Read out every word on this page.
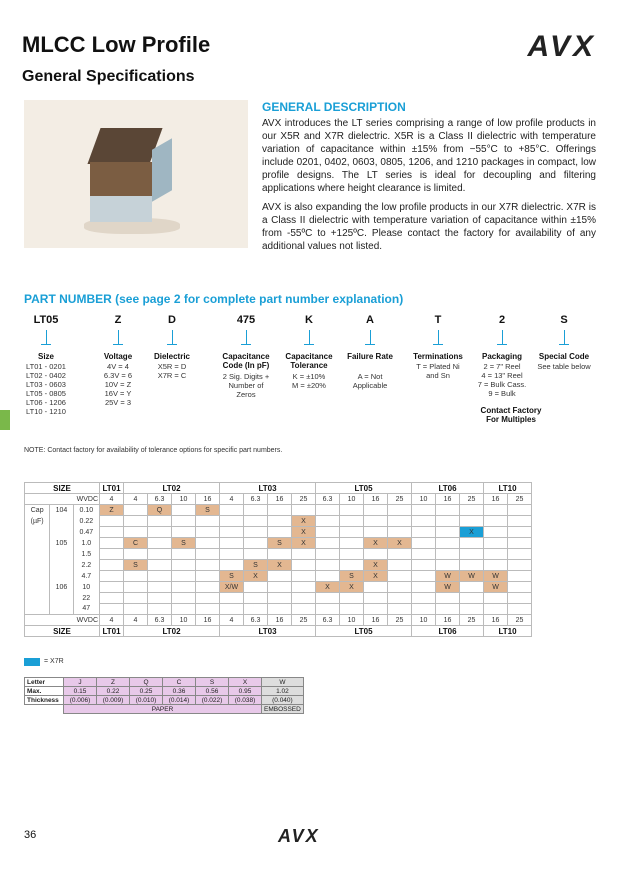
MLCC Low Profile
General Specifications
AVX
GENERAL DESCRIPTION
AVX introduces the LT series comprising a range of low profile products in our X5R and X7R dielectric. X5R is a Class II dielectric with temperature variation of capacitance within ±15% from −55°C to +85°C. Offerings include 0201, 0402, 0603, 0805, 1206, and 1210 packages in compact, low profile designs. The LT series is ideal for decoupling and filtering applications where height clearance is limited.
AVX is also expanding the low profile products in our X7R dielectric. X7R is a Class II dielectric with temperature variation of capacitance within ±15% from -55ºC to +125ºC. Please contact the factory for availability of any additional values not listed.
PART NUMBER (see page 2 for complete part number explanation)
LT05
Size
LT01 - 0201
LT02 - 0402
LT03 - 0603
LT05 - 0805
LT06 - 1206
LT10 - 1210
Z
Voltage
4V = 4
6.3V = 6
10V = Z
16V = Y
25V = 3
D
Dielectric
X5R = D
X7R = C
475
Capacitance Code (In pF)
2 Sig. Digits +
Number of
Zeros
K
Capacitance Tolerance
K = ±10%
M = ±20%
A
Failure Rate
A = Not
Applicable
T
Terminations
T = Plated Ni
and Sn
2
Packaging
2 = 7" Reel
4 = 13" Reel
7 = Bulk Cass.
9 = Bulk
S
Special Code
See table below
Contact Factory For Multiples
NOTE: Contact factory for availability of tolerance options for specific part numbers.
SIZE			LT01	LT02				LT03				LT05				LT06			LT10	
WVDC			4	4	6.3	10	16	4	6.3	16	25	6.3	10	16	25	10	16	25	16	25
Cap	104	0.10	Z		Q		S													
(µF)		0.22									X									
		0.47									X							X		
	105	1.0		C		S				S	X			X	X					
		1.5																		
		2.2		S					S	X				X						
		4.7						S	X				S	X			W	W	W	
	106	10						X/W				X	X				W		W	
		22																		
		47																		
WVDC			4	4	6.3	10	16	4	6.3	16	25	6.3	10	16	25	10	16	25	16	25
SIZE			LT01	LT02				LT03				LT05				LT06			LT10	
= X7R
Letter	J	Z	Q	C	S	X	W
Max.	0.15	0.22	0.25	0.36	0.56	0.95	1.02
Thickness	(0.006)	(0.009)	(0.010)	(0.014)	(0.022)	(0.038)	(0.040)
	PAPER						EMBOSSED
36	AVX
